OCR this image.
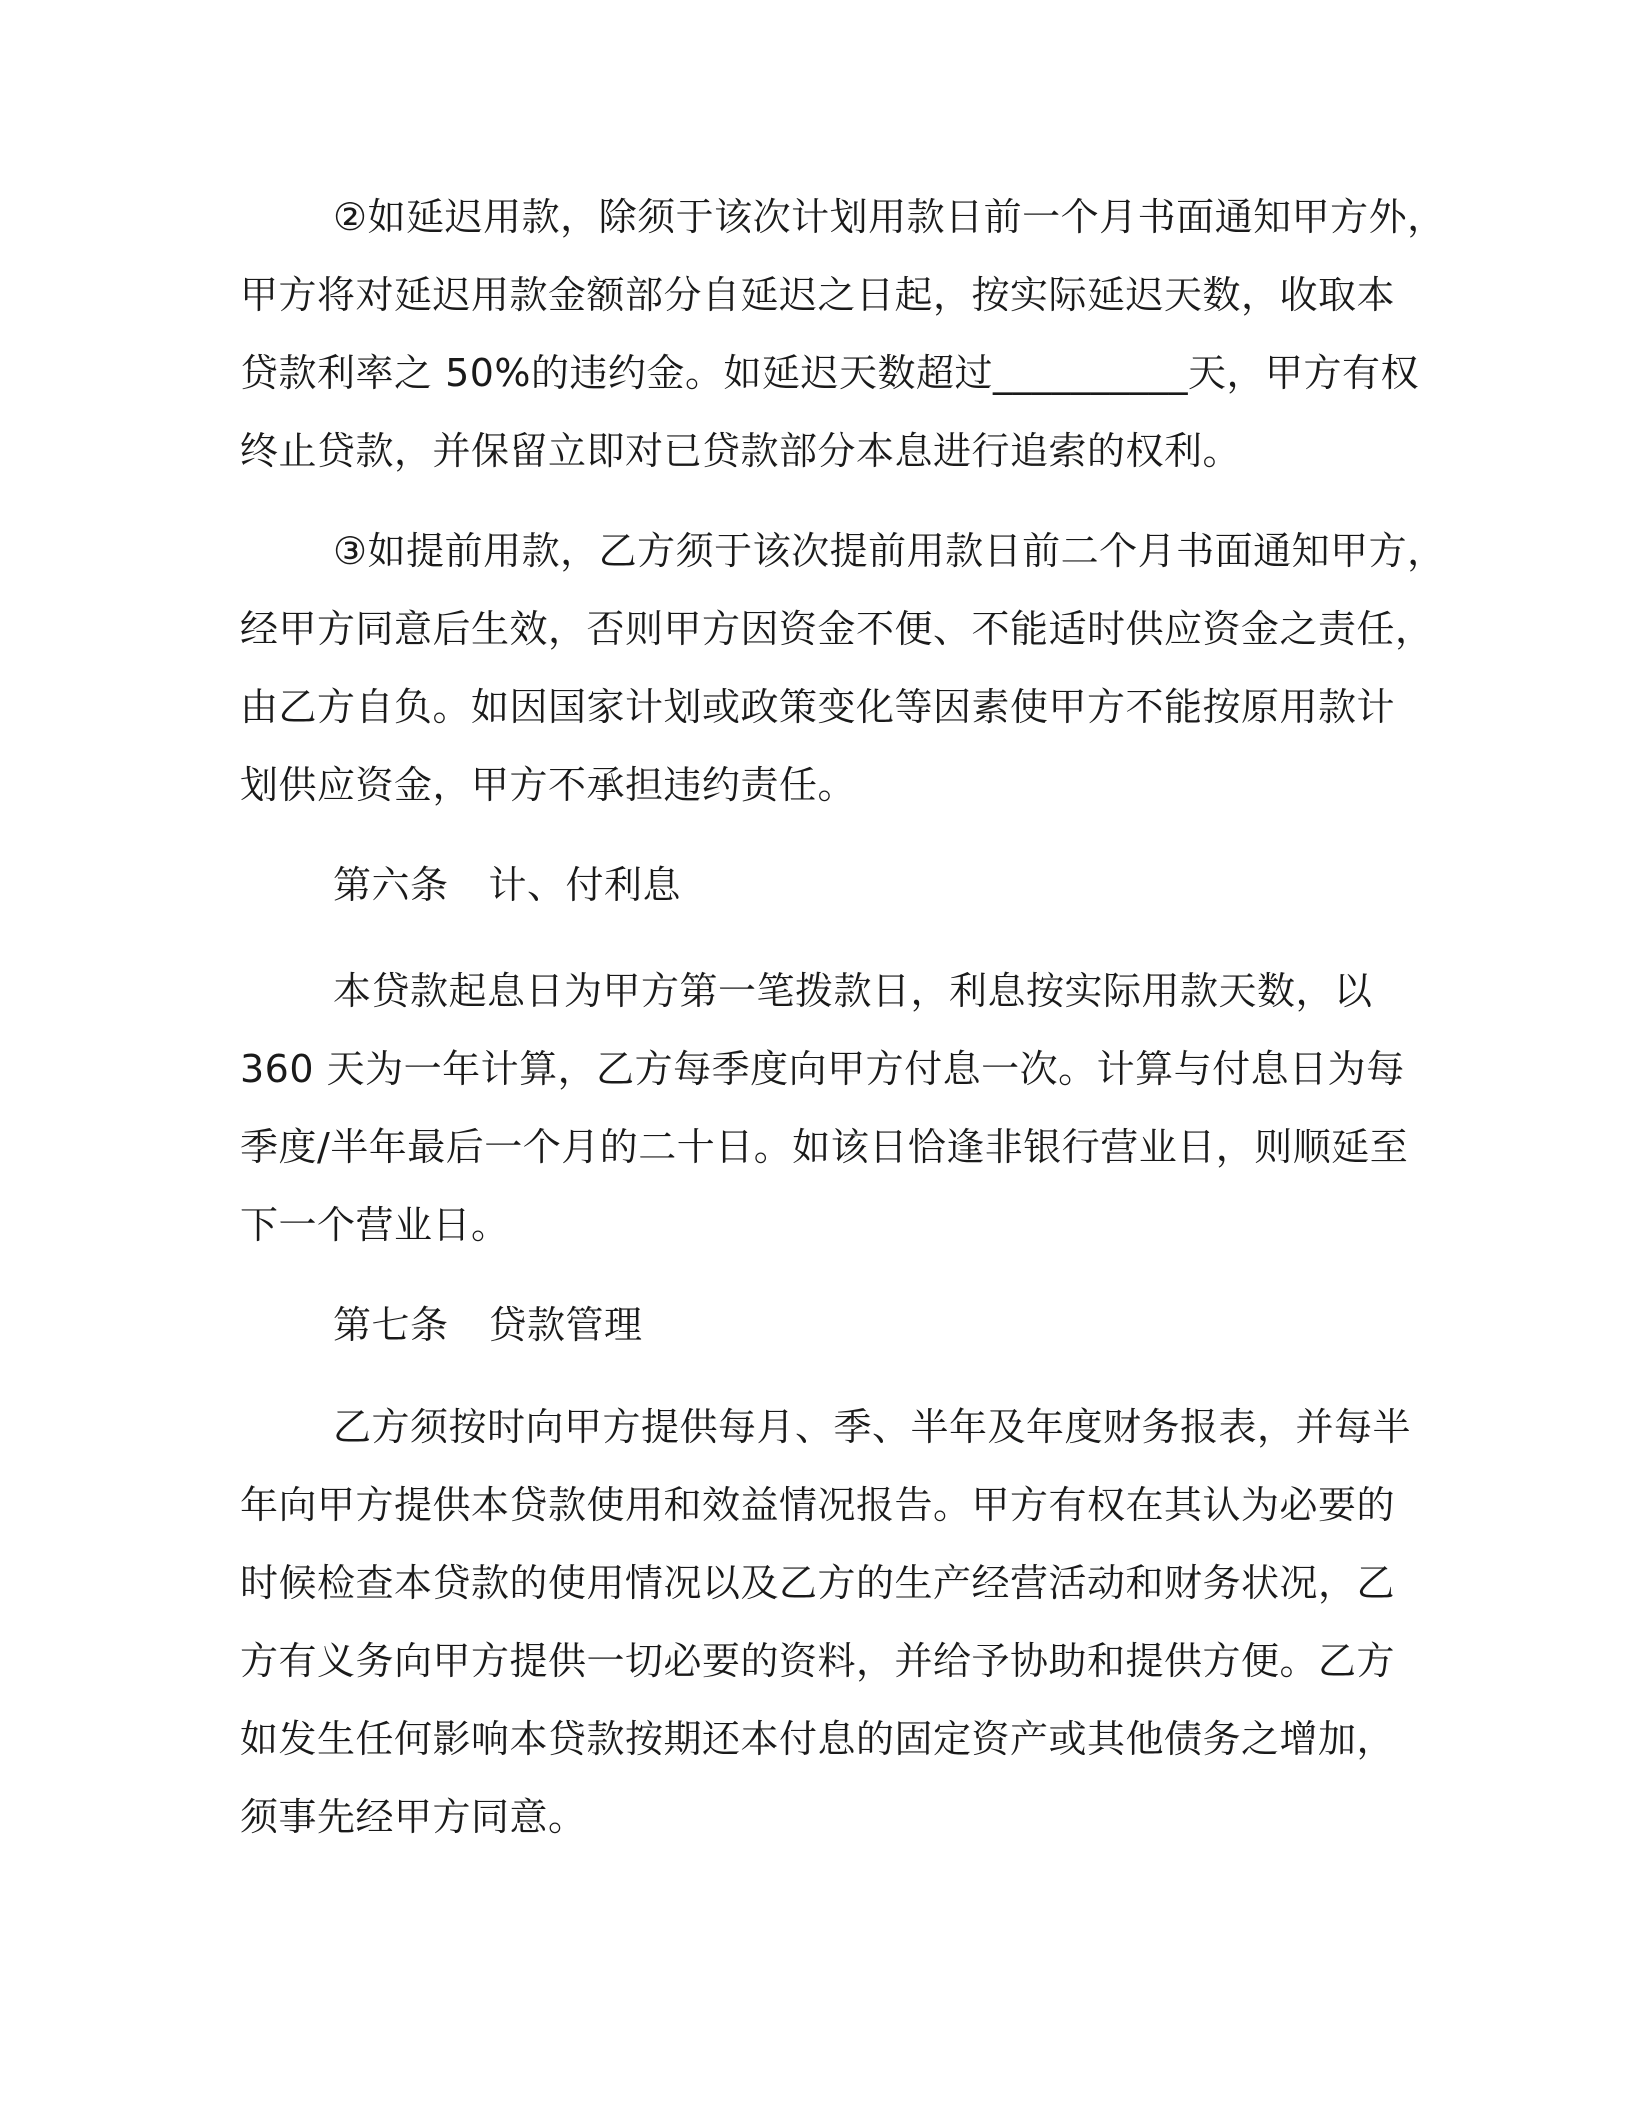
②如延迟用款，除须于该次计划用款日前一个月书面通知甲方外，
甲方将对延迟用款金额部分自延迟之日起，按实际延迟天数，收取本
贷款利率之 50%的违约金。如延迟天数超过__________天，甲方有权
终止贷款，并保留立即对已贷款部分本息进行追索的权利。
③如提前用款，乙方须于该次提前用款日前二个月书面通知甲方，
经甲方同意后生效，否则甲方因资金不便、不能适时供应资金之责任，
由乙方自负。如因国家计划或政策变化等因素使甲方不能按原用款计
划供应资金，甲方不承担违约责任。
第六条 计、付利息
本贷款起息日为甲方第一笔拨款日，利息按实际用款天数，以
360 天为一年计算，乙方每季度向甲方付息一次。计算与付息日为每
季度/半年最后一个月的二十日。如该日恰逢非银行营业日，则顺延至
下一个营业日。
第七条 贷款管理
乙方须按时向甲方提供每月、季、半年及年度财务报表，并每半
年向甲方提供本贷款使用和效益情况报告。甲方有权在其认为必要的
时候检查本贷款的使用情况以及乙方的生产经营活动和财务状况，乙
方有义务向甲方提供一切必要的资料，并给予协助和提供方便。乙方
如发生任何影响本贷款按期还本付息的固定资产或其他债务之增加，
须事先经甲方同意。
